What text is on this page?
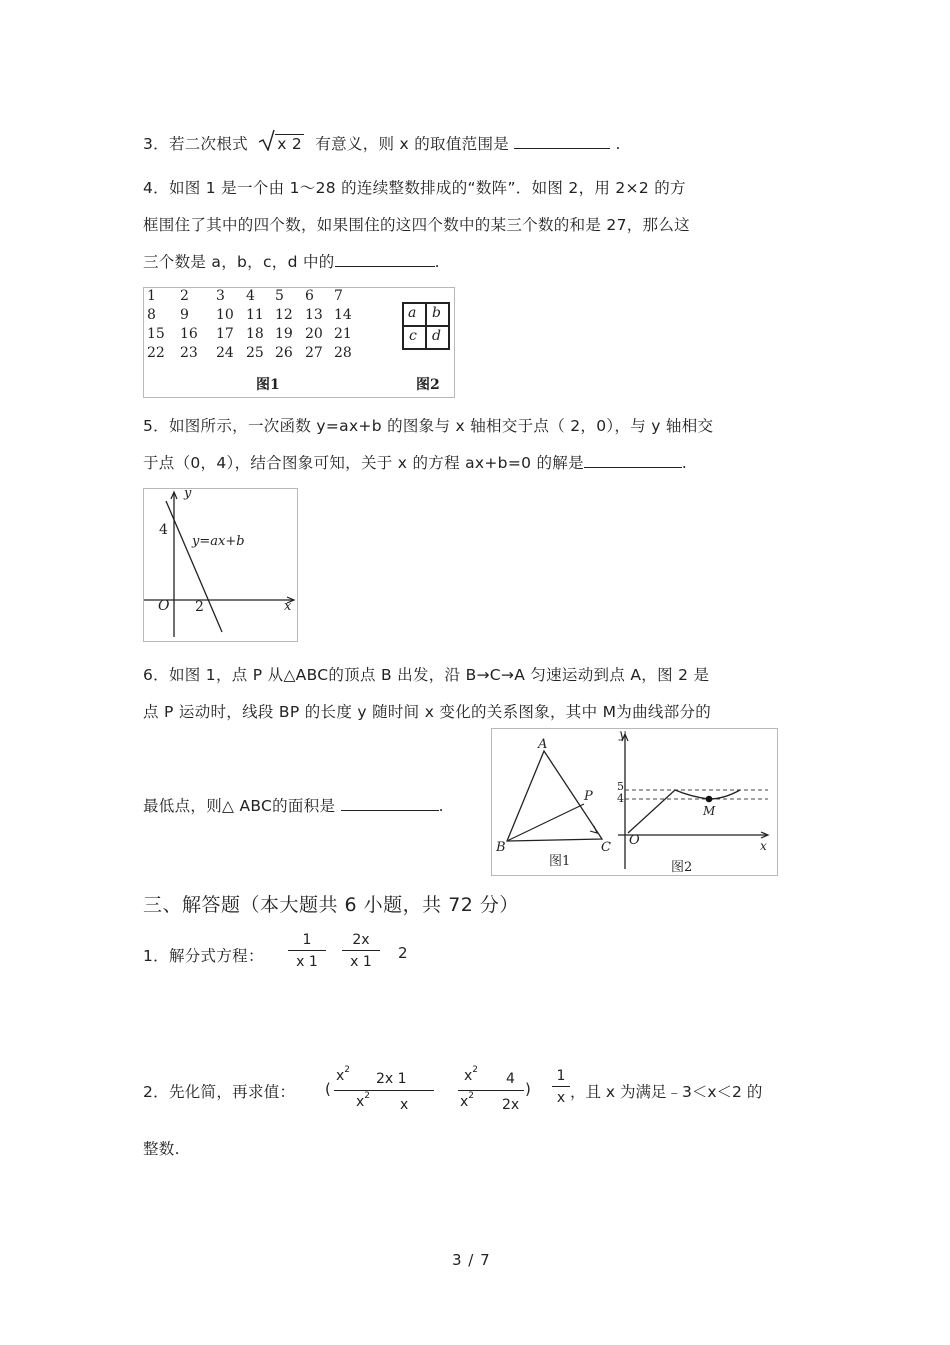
3．若二次根式 x 2 有意义，则 x 的取值范围是	.
4．如图 1 是一个由 1～28 的连续整数排成的“数阵”．如图 2，用 2×2 的方
框围住了其中的四个数，如果围住的这四个数中的某三个数的和是 27，那么这
三个数是 a，b，c，d 中的	.
1 2 3 4 5 6 7
8 9 10 11 12 13 14
15 16 17 18 19 20 21
22 23 24 25 26 27 28
a b
c d
图1	图2
5．如图所示，一次函数 y=ax+b 的图象与 x 轴相交于点（ 2，0），与 y 轴相交
于点（0，4），结合图象可知，关于 x 的方程 ax+b=0 的解是	.
y
x
O
4
2
y=ax+b
6．如图 1，点 P 从△ABC的顶点 B 出发，沿 B→C→A 匀速运动到点 A，图 2 是
点 P 运动时，线段 BP 的长度 y 随时间 x 变化的关系图象，其中 M为曲线部分的
最低点，则△ ABC的面积是	.
A
B	C
P
图1	图2
y
x
O
5
4
M
三、解答题（本大题共 6 小题，共 72 分）
1．解分式方程： $\frac{1}{x 1} \frac{2x}{x 1} 2$
2．先化简，再求值： (
$x^2$
2x 1
$x^2$
x
$x^2$
4
$x^2$
2x
) $\frac{1}{x}$ ，且 x 为满足﹣3＜x＜2 的
整数.
3 / 7
